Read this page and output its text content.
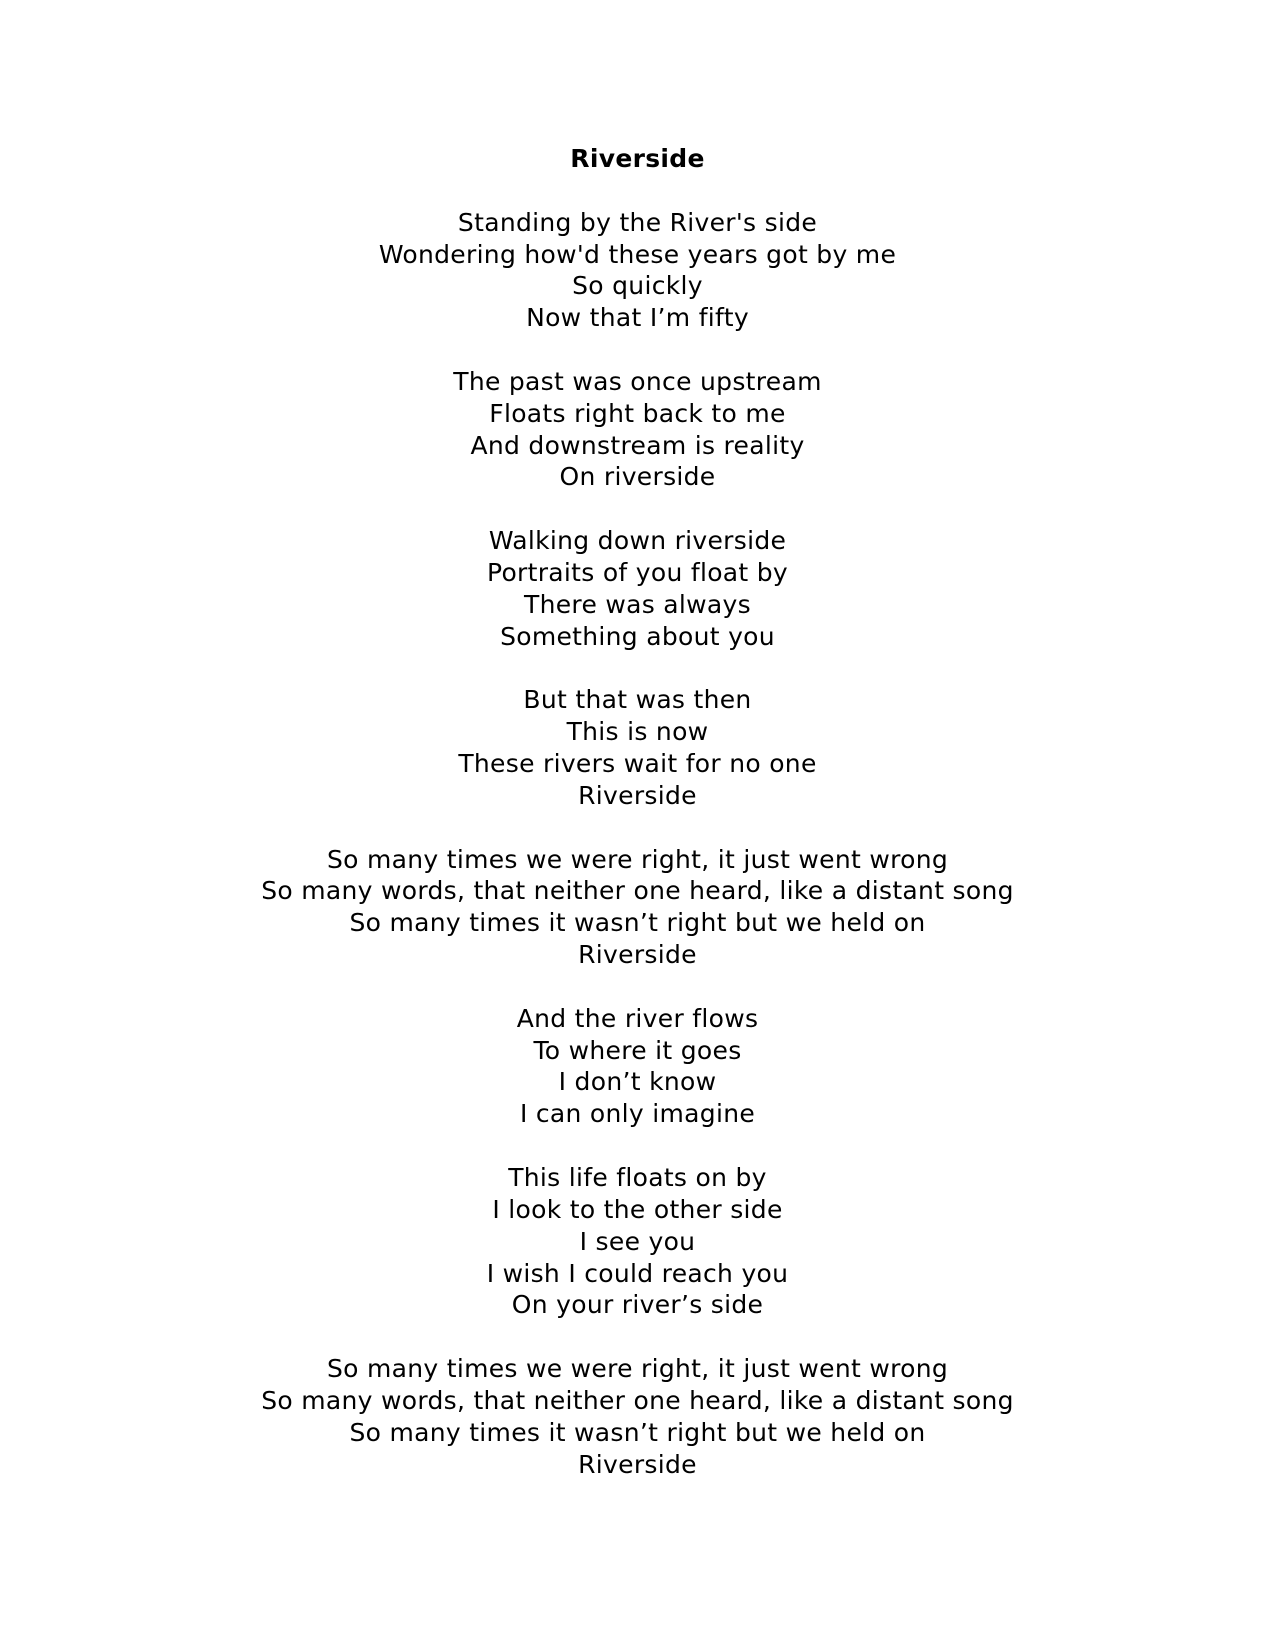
Riverside
Standing by the River's side
Wondering how'd these years got by me
So quickly
Now that I’m fifty
The past was once upstream
Floats right back to me
And downstream is reality
On riverside
Walking down riverside
Portraits of you float by
There was always
Something about you
But that was then
This is now
These rivers wait for no one
Riverside
So many times we were right, it just went wrong
So many words, that neither one heard, like a distant song
So many times it wasn’t right but we held on
Riverside
And the river flows
To where it goes
I don’t know
I can only imagine
This life floats on by
I look to the other side
I see you
I wish I could reach you
On your river’s side
So many times we were right, it just went wrong
So many words, that neither one heard, like a distant song
So many times it wasn’t right but we held on
Riverside
